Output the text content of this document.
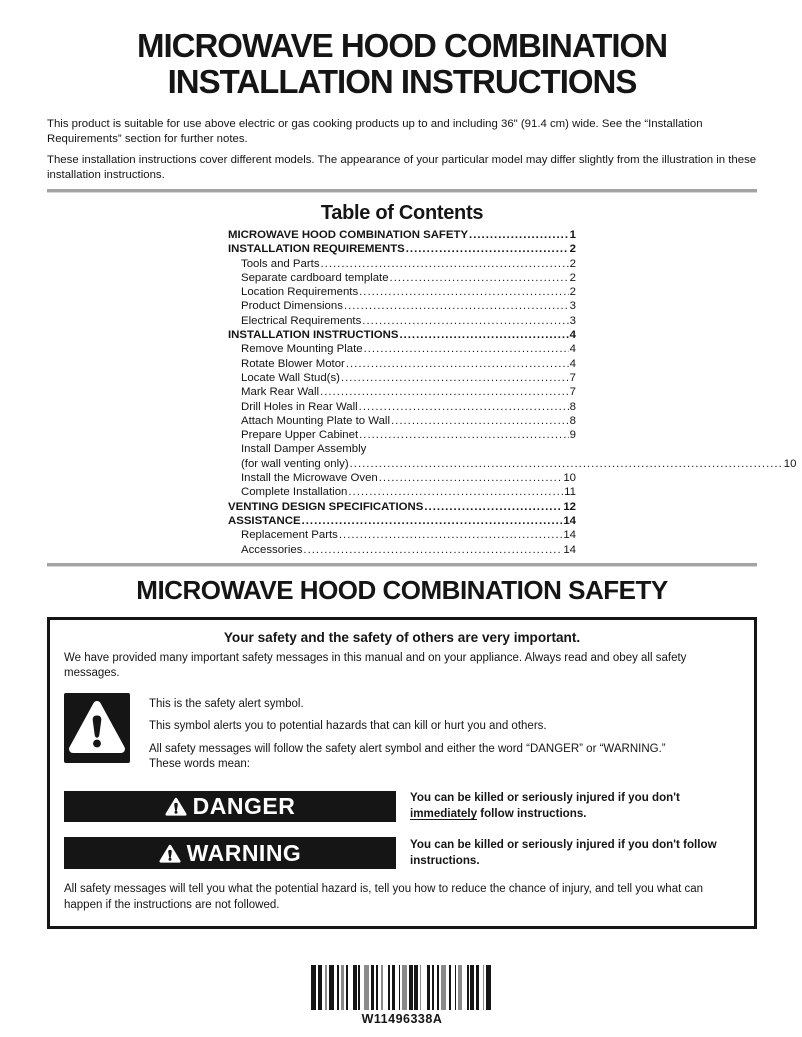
MICROWAVE HOOD COMBINATION
INSTALLATION INSTRUCTIONS

This product is suitable for use above electric or gas cooking products up to and including 36" (91.4 cm) wide. See the “Installation Requirements” section for further notes.

These installation instructions cover different models. The appearance of your particular model may differ slightly from the illustration in these installation instructions.

Table of Contents
MICROWAVE HOOD COMBINATION SAFETY .....	1
INSTALLATION REQUIREMENTS .....	2
Tools and Parts .....	2
Separate cardboard template .....	2
Location Requirements .....	2
Product Dimensions .....	3
Electrical Requirements .....	3
INSTALLATION INSTRUCTIONS .....	4
Remove Mounting Plate .....	4
Rotate Blower Motor .....	4
Locate Wall Stud(s) .....	7
Mark Rear Wall .....	7
Drill Holes in Rear Wall .....	8
Attach Mounting Plate to Wall .....	8
Prepare Upper Cabinet .....	9
Install Damper Assembly
(for wall venting only) .....	10
Install the Microwave Oven .....	10
Complete Installation .....	11
VENTING DESIGN SPECIFICATIONS .....	12
ASSISTANCE .....	14
Replacement Parts .....	14
Accessories .....	14
MICROWAVE HOOD COMBINATION SAFETY
Your safety and the safety of others are very important.
We have provided many important safety messages in this manual and on your appliance. Always read and obey all safety messages.

This is the safety alert symbol.

This symbol alerts you to potential hazards that can kill or hurt you and others.

All safety messages will follow the safety alert symbol and either the word “DANGER” or “WARNING.” These words mean:

DANGER	You can be killed or seriously injured if you don't immediately follow instructions.
WARNING	You can be killed or seriously injured if you don't follow instructions.
All safety messages will tell you what the potential hazard is, tell you how to reduce the chance of injury, and tell you what can happen if the instructions are not followed.
W11496338A
